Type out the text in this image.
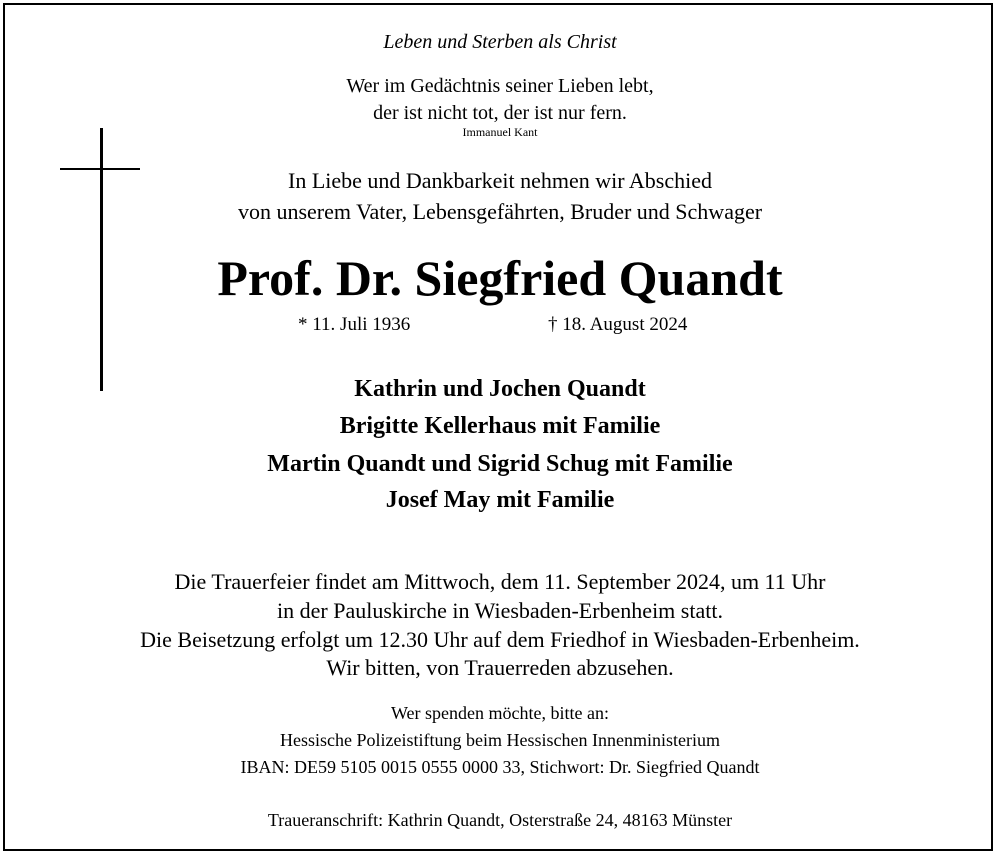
Leben und Sterben als Christ
Wer im Gedächtnis seiner Lieben lebt,
der ist nicht tot, der ist nur fern.
Immanuel Kant
In Liebe und Dankbarkeit nehmen wir Abschied
von unserem Vater, Lebensgefährten, Bruder und Schwager
Prof. Dr. Siegfried Quandt
* 11. Juli 1936	† 18. August 2024
Kathrin und Jochen Quandt
Brigitte Kellerhaus mit Familie
Martin Quandt und Sigrid Schug mit Familie
Josef May mit Familie
Die Trauerfeier findet am Mittwoch, dem 11. September 2024, um 11 Uhr
in der Pauluskirche in Wiesbaden-Erbenheim statt.
Die Beisetzung erfolgt um 12.30 Uhr auf dem Friedhof in Wiesbaden-Erbenheim.
Wir bitten, von Trauerreden abzusehen.
Wer spenden möchte, bitte an:
Hessische Polizeistiftung beim Hessischen Innenministerium
IBAN: DE59 5105 0015 0555 0000 33, Stichwort: Dr. Siegfried Quandt
Traueranschrift: Kathrin Quandt, Osterstraße 24, 48163 Münster
